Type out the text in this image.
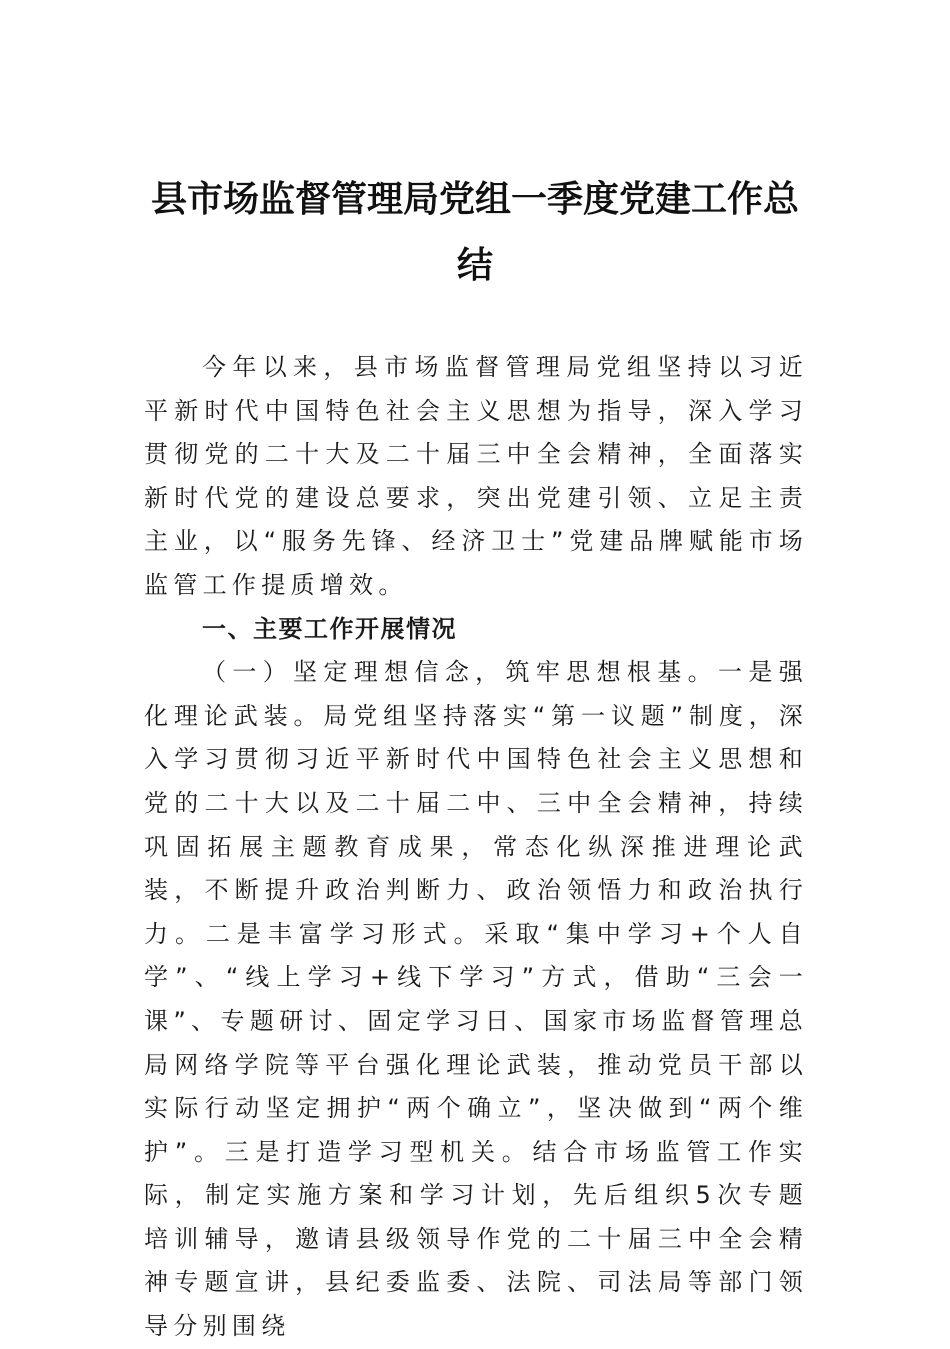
县市场监督管理局党组一季度党建工作总结

今年以来，县市场监督管理局党组坚持以习近平新时代中国特色社会主义思想为指导，深入学习贯彻党的二十大及二十届三中全会精神，全面落实新时代党的建设总要求，突出党建引领、立足主责主业，以“服务先锋、经济卫士”党建品牌赋能市场监管工作提质增效。

一、主要工作开展情况

（一）坚定理想信念，筑牢思想根基。一是强化理论武装。局党组坚持落实“第一议题”制度，深入学习贯彻习近平新时代中国特色社会主义思想和党的二十大以及二十届二中、三中全会精神，持续巩固拓展主题教育成果，常态化纵深推进理论武装，不断提升政治判断力、政治领悟力和政治执行力。二是丰富学习形式。采取“集中学习+个人自学”、“线上学习+线下学习”方式，借助“三会一课”、专题研讨、固定学习日、国家市场监督管理总局网络学院等平台强化理论武装，推动党员干部以实际行动坚定拥护“两个确立”，坚决做到“两个维护”。三是打造学习型机关。结合市场监管工作实际，制定实施方案和学习计划，先后组织5次专题培训辅导，邀请县级领导作党的二十届三中全会精神专题宣讲，县纪委监委、法院、司法局等部门领导分别围绕
